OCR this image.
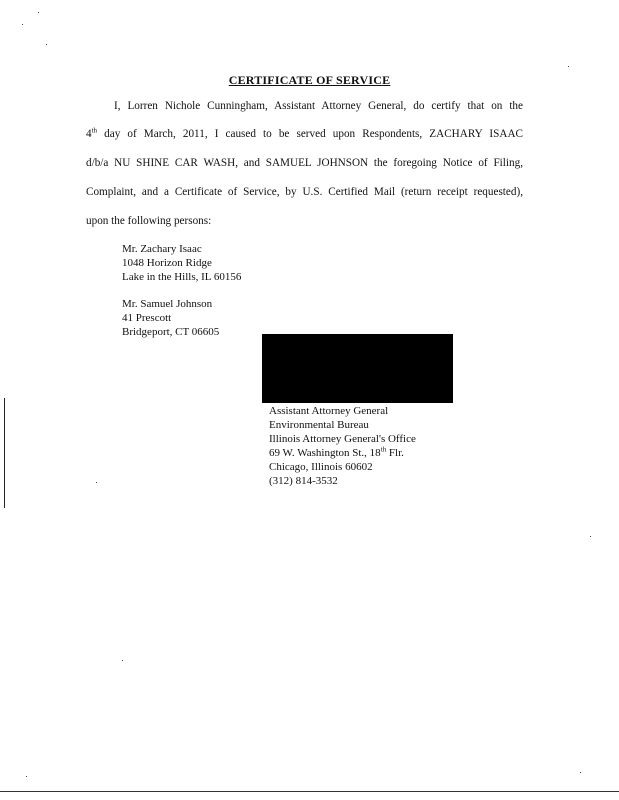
CERTIFICATE OF SERVICE
I, Lorren Nichole Cunningham, Assistant Attorney General, do certify that on the
4th day of March, 2011, I caused to be served upon Respondents, ZACHARY ISAAC
d/b/a NU SHINE CAR WASH, and SAMUEL JOHNSON the foregoing Notice of Filing,
Complaint, and a Certificate of Service, by U.S. Certified Mail (return receipt requested),
upon the following persons:
Mr. Zachary Isaac
1048 Horizon Ridge
Lake in the Hills, IL 60156
Mr. Samuel Johnson
41 Prescott
Bridgeport, CT 06605
Assistant Attorney General
Environmental Bureau
Illinois Attorney General's Office
69 W. Washington St., 18th Flr.
Chicago, Illinois 60602
(312) 814-3532
